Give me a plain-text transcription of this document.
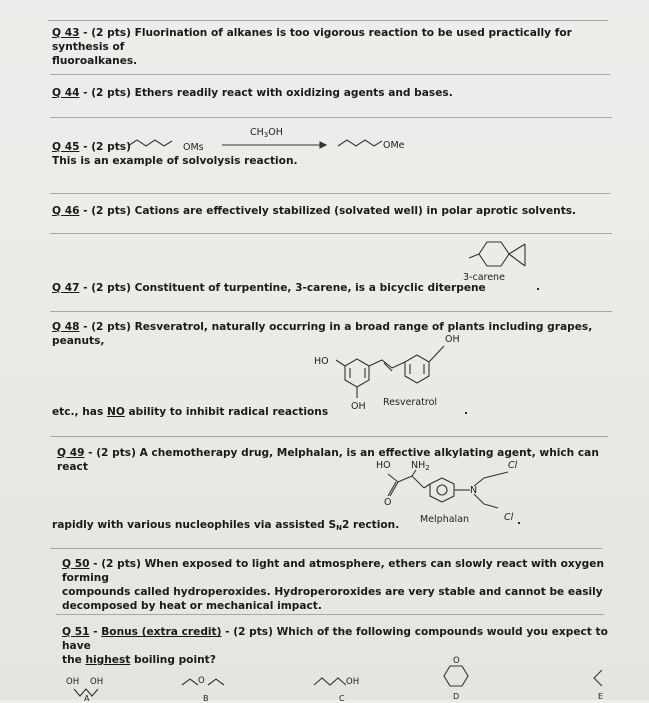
Q 43 - (2 pts) Fluorination of alkanes is too vigorous reaction to be used practically for synthesis of
fluoroalkanes.
Q 44 - (2 pts) Ethers readily react with oxidizing agents and bases.
Q 45 - (2 pts)
This is an example of solvolysis reaction.
OMs
$CH_3OH$
OMe
Q 46 - (2 pts) Cations are effectively stabilized (solvated well) in polar aprotic solvents.
3-carene
Q 47 - (2 pts) Constituent of turpentine, 3-carene, is a bicyclic diterpene	.
Q 48 - (2 pts) Resveratrol, naturally occurring in a broad range of plants including grapes, peanuts,	OH
HO
OH Resveratrol
etc., has NO ability to inhibit radical reactions	.
Q 49 - (2 pts) A chemotherapy drug, Melphalan, is an effective alkylating agent, which can react	HO $NH_2$	Cl
N
O
Melphalan	Cl .
rapidly with various nucleophiles via assisted $S_N2$ rection.
Q 50 - (2 pts) When exposed to light and atmosphere, ethers can slowly react with oxygen forming
compounds called hydroperoxides. Hydroperoroxides are very stable and cannot be easily
decomposed by heat or mechanical impact.
Q 51 - Bonus (extra credit) - (2 pts) Which of the following compounds would you expect to have
the highest boiling point?
OH OH
A
O
B
OH
C
O
D	E
